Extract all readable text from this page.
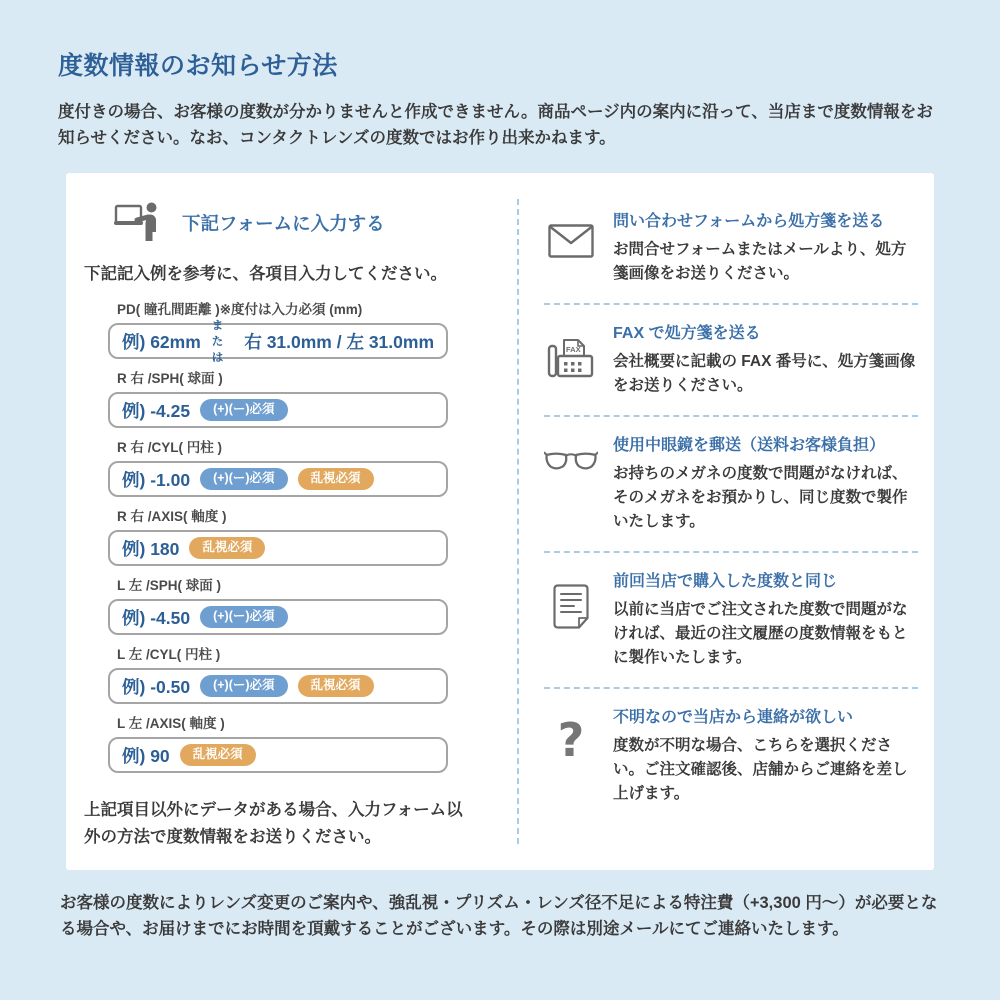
度数情報のお知らせ方法

度付きの場合、お客様の度数が分かりませんと作成できません。商品ページ内の案内に沿って、当店まで度数情報をお知らせください。なお、コンタクトレンズの度数ではお作り出来かねます。

下記フォームに入力する

下記記入例を参考に、各項目入力してください。

PD( 瞳孔間距離 )※度付は入力必須 (mm)
例) 62mm
または
右 31.0mm / 左 31.0mm
R 右 /SPH( 球面 )
例) -4.25	(+)(ー)必須
R 右 /CYL( 円柱 )
例) -1.00	(+)(ー)必須	乱視必須
R 右 /AXIS( 軸度 )
例) 180	乱視必須
L 左 /SPH( 球面 )
例) -4.50	(+)(ー)必須
L 左 /CYL( 円柱 )
例) -0.50	(+)(ー)必須	乱視必須
L 左 /AXIS( 軸度 )
例) 90	乱視必須

上記項目以外にデータがある場合、入力フォーム以外の方法で度数情報をお送りください。

問い合わせフォームから処方箋を送る

お問合せフォームまたはメールより、処方箋画像をお送りください。

FAX

FAX で処方箋を送る

会社概要に記載の FAX 番号に、処方箋画像をお送りください。

使用中眼鏡を郵送（送料お客様負担）

お持ちのメガネの度数で問題がなければ、そのメガネをお預かりし、同じ度数で製作いたします。

前回当店で購入した度数と同じ

以前に当店でご注文された度数で問題がなければ、最近の注文履歴の度数情報をもとに製作いたします。

? 不明なので当店から連絡が欲しい

度数が不明な場合、こちらを選択ください。ご注文確認後、店舗からご連絡を差し上げます。

お客様の度数によりレンズ変更のご案内や、強乱視・プリズム・レンズ径不足による特注費（+3,300 円〜）が必要となる場合や、お届けまでにお時間を頂戴することがございます。その際は別途メールにてご連絡いたします。
